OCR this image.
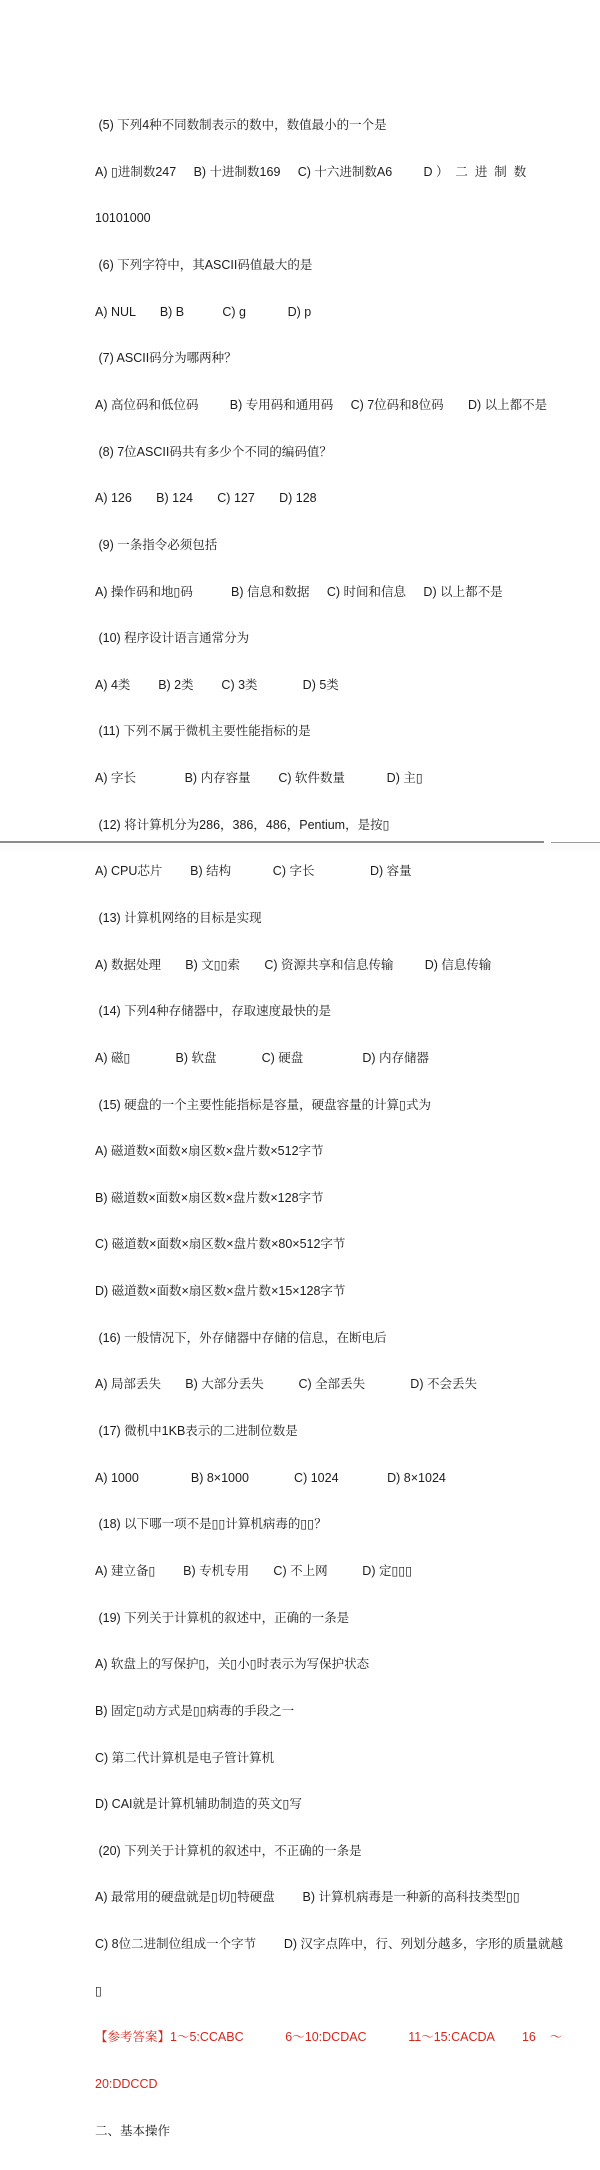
(5) 下列4种不同数制表示的数中，数值最小的一个是

A) ▯进制数247     B) 十进制数169     C) 十六进制数A6         D ）  二  进  制  数

10101000

(6) 下列字符中，其ASCII码值最大的是

A) NUL       B) B           C) g            D) p

(7) ASCII码分为哪两种？

A) 高位码和低位码         B) 专用码和通用码     C) 7位码和8位码       D) 以上都不是

(8) 7位ASCII码共有多少个不同的编码值？

A) 126       B) 124       C) 127       D) 128

(9) 一条指令必须包括

A) 操作码和地▯码           B) 信息和数据     C) 时间和信息     D) 以上都不是

(10) 程序设计语言通常分为

A) 4类        B) 2类        C) 3类             D) 5类

(11) 下列不属于微机主要性能指标的是

A) 字长              B) 内存容量        C) 软件数量            D) 主▯

(12) 将计算机分为286，386，486，Pentium，是按▯

A) CPU芯片        B) 结构            C) 字长                D) 容量

(13) 计算机网络的目标是实现

A) 数据处理       B) 文▯▯索       C) 资源共享和信息传输         D) 信息传输

(14) 下列4种存储器中，存取速度最快的是

A) 磁▯             B) 软盘             C) 硬盘                 D) 内存储器

(15) 硬盘的一个主要性能指标是容量，硬盘容量的计算▯式为

A) 磁道数×面数×扇区数×盘片数×512字节

B) 磁道数×面数×扇区数×盘片数×128字节

C) 磁道数×面数×扇区数×盘片数×80×512字节

D) 磁道数×面数×扇区数×盘片数×15×128字节

(16) 一般情况下，外存储器中存储的信息，在断电后

A) 局部丢失       B) 大部分丢失          C) 全部丢失             D) 不会丢失

(17) 微机中1KB表示的二进制位数是

A) 1000               B) 8×1000             C) 1024              D) 8×1024

(18) 以下哪一项不是▯▯计算机病毒的▯▯？

A) 建立备▯        B) 专机专用       C) 不上网          D) 定▯▯▯

(19) 下列关于计算机的叙述中，正确的一条是

A) 软盘上的写保护▯，关▯小▯时表示为写保护状态

B) 固定▯动方式是▯▯病毒的手段之一

C) 第二代计算机是电子管计算机

D) CAI就是计算机辅助制造的英文▯写

(20) 下列关于计算机的叙述中，不正确的一条是

A) 最常用的硬盘就是▯切▯特硬盘        B) 计算机病毒是一种新的高科技类型▯▯

C) 8位二进制位组成一个字节        D) 汉字点阵中，行、列划分越多，字形的质量就越

▯

【参考答案】1～5:CCABC            6～10:DCDAC            11～15:CACDA        16    ～

20:DDCCD

二、基本操作
